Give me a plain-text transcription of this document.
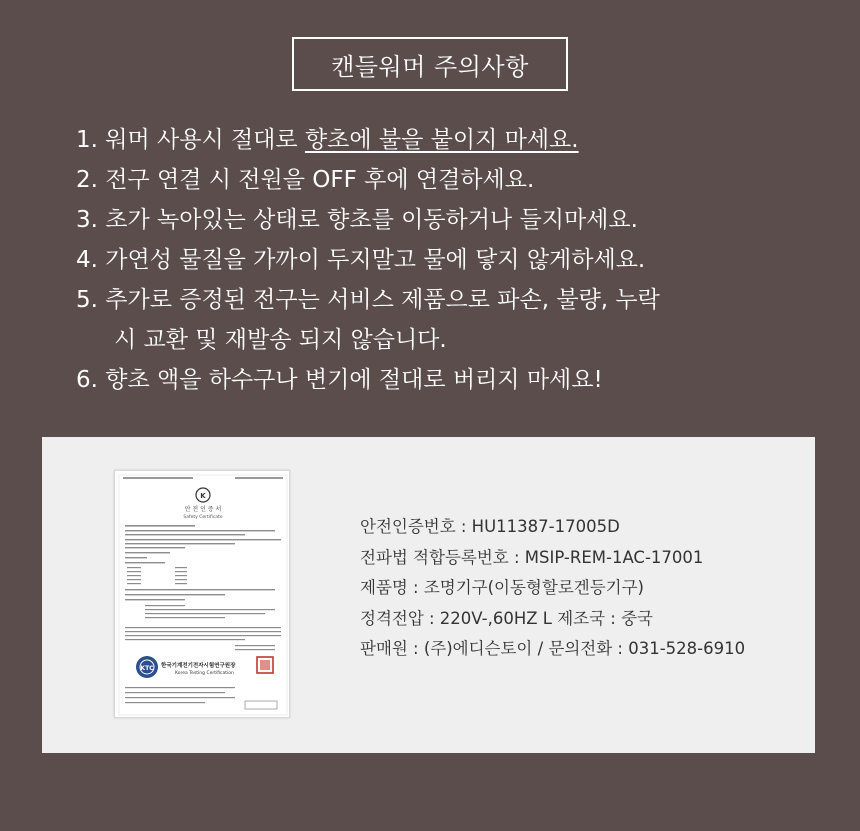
캔들워머 주의사항
1. 워머 사용시 절대로 향초에 불을 붙이지 마세요.
2. 전구 연결 시 전원을 OFF 후에 연결하세요.
3. 초가 녹아있는 상태로 향초를 이동하거나 들지마세요.
4. 가연성 물질을 가까이 두지말고 물에 닿지 않게하세요.
5. 추가로 증정된 전구는 서비스 제품으로 파손, 불량, 누락
시 교환 및 재발송 되지 않습니다.
6. 향초 액을 하수구나 변기에 절대로 버리지 마세요!
K
안 전 인 증 서
Safety Certificate
KTC 한국기계전기전자시험연구원장
Korea Testing Certification
안전인증번호 : HU11387-17005D
전파법 적합등록번호 : MSIP-REM-1AC-17001
제품명 : 조명기구(이동형할로겐등기구)
정격전압 : 220V-,60HZ L 제조국 : 중국
판매원 : (주)에디슨토이 / 문의전화 : 031-528-6910
